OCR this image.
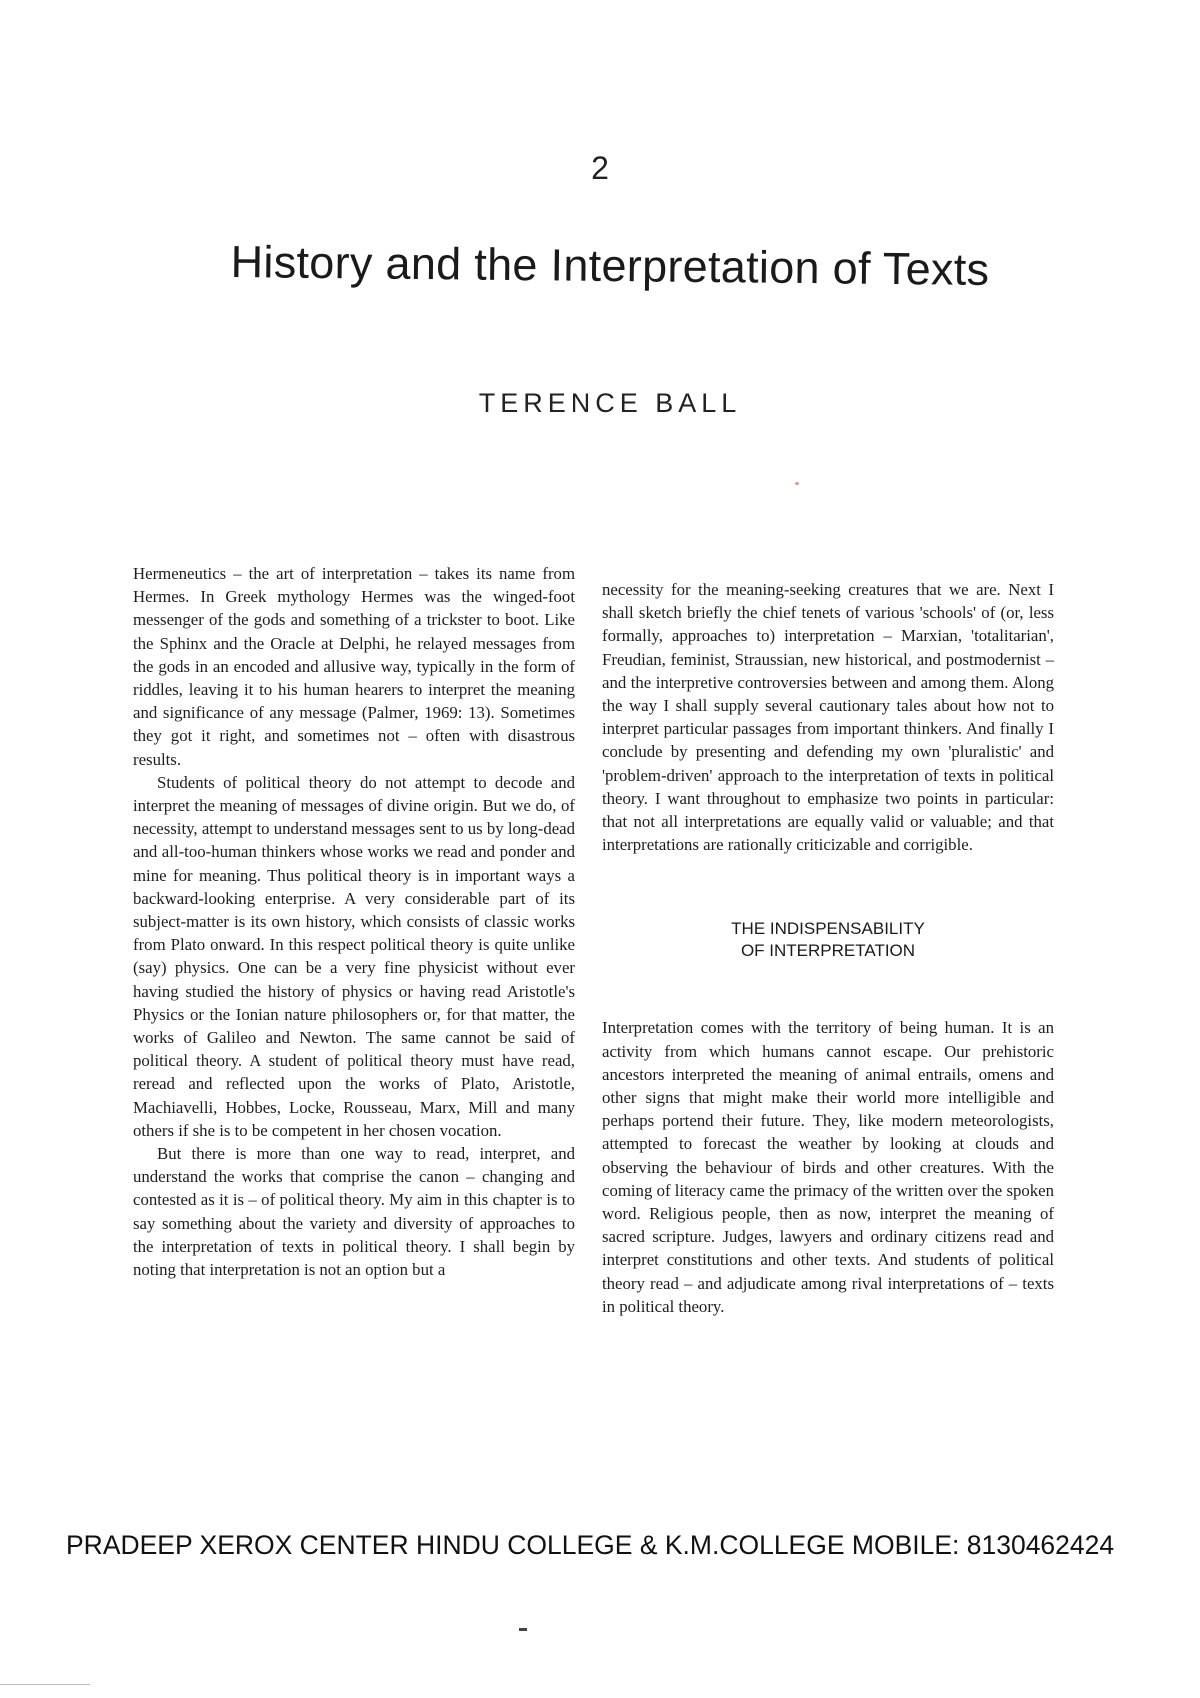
2
History and the Interpretation of Texts
TERENCE BALL

Hermeneutics – the art of interpretation – takes its name from Hermes. In Greek mythology Hermes was the winged-foot messenger of the gods and something of a trickster to boot. Like the Sphinx and the Oracle at Delphi, he relayed messages from the gods in an encoded and allusive way, typically in the form of riddles, leaving it to his human hearers to interpret the meaning and significance of any message (Palmer, 1969: 13). Sometimes they got it right, and sometimes not – often with disastrous results.

Students of political theory do not attempt to decode and interpret the meaning of messages of divine origin. But we do, of necessity, attempt to understand messages sent to us by long-dead and all-too-human thinkers whose works we read and ponder and mine for meaning. Thus political theory is in important ways a backward-looking enterprise. A very considerable part of its subject-matter is its own history, which consists of classic works from Plato onward. In this respect political theory is quite unlike (say) physics. One can be a very fine physicist without ever having studied the history of physics or having read Aristotle's Physics or the Ionian nature philosophers or, for that matter, the works of Galileo and Newton. The same cannot be said of political theory. A student of political theory must have read, reread and reflected upon the works of Plato, Aristotle, Machiavelli, Hobbes, Locke, Rousseau, Marx, Mill and many others if she is to be competent in her chosen vocation.

But there is more than one way to read, interpret, and understand the works that comprise the canon – changing and contested as it is – of political theory. My aim in this chapter is to say something about the variety and diversity of approaches to the interpretation of texts in political theory. I shall begin by noting that interpretation is not an option but a

necessity for the meaning-seeking creatures that we are. Next I shall sketch briefly the chief tenets of various 'schools' of (or, less formally, approaches to) interpretation – Marxian, 'totalitarian', Freudian, feminist, Straussian, new historical, and postmodernist – and the interpretive controversies between and among them. Along the way I shall supply several cautionary tales about how not to interpret particular passages from important thinkers. And finally I conclude by presenting and defending my own 'pluralistic' and 'problem-driven' approach to the interpretation of texts in political theory. I want throughout to emphasize two points in particular: that not all interpretations are equally valid or valuable; and that interpretations are rationally criticizable and corrigible.

THE INDISPENSABILITY
OF INTERPRETATION

Interpretation comes with the territory of being human. It is an activity from which humans cannot escape. Our prehistoric ancestors interpreted the meaning of animal entrails, omens and other signs that might make their world more intelligible and perhaps portend their future. They, like modern meteorologists, attempted to forecast the weather by looking at clouds and observing the behaviour of birds and other creatures. With the coming of literacy came the primacy of the written over the spoken word. Religious people, then as now, interpret the meaning of sacred scripture. Judges, lawyers and ordinary citizens read and interpret constitutions and other texts. And students of political theory read – and adjudicate among rival interpretations of – texts in political theory.

PRADEEP XEROX CENTER HINDU COLLEGE & K.M.COLLEGE MOBILE: 8130462424
